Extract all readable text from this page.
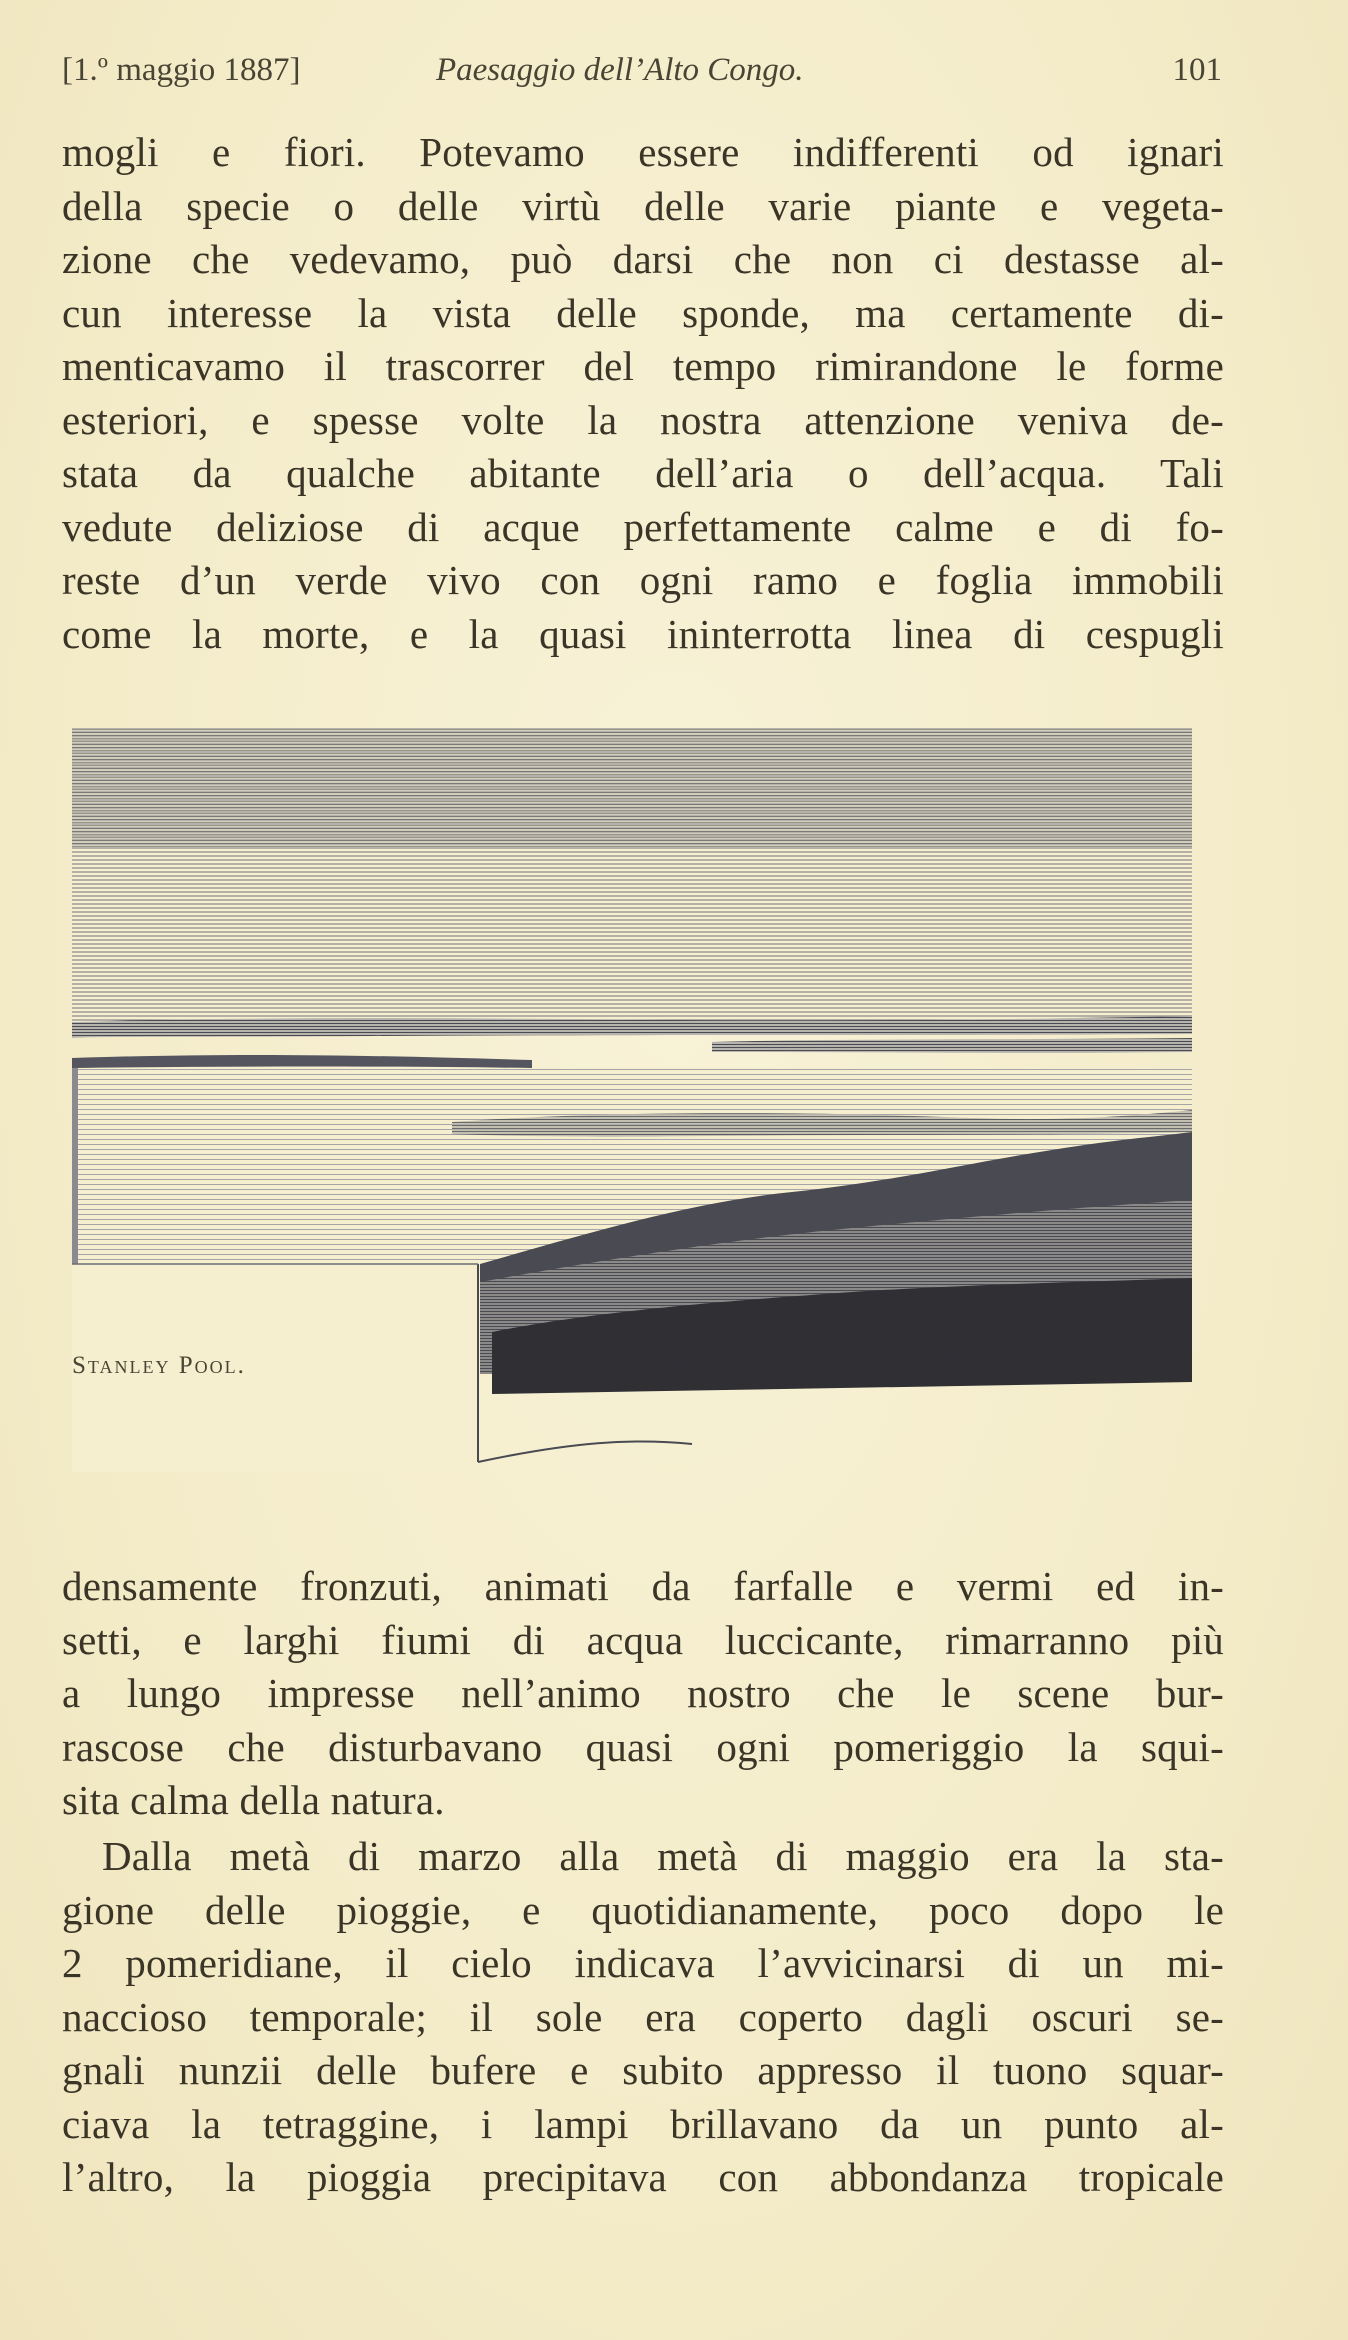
[1.º maggio 1887]	Paesaggio dell’Alto Congo.	101
mogli e fiori. Potevamo essere indifferenti od ignari
della specie o delle virtù delle varie piante e vegeta-
zione che vedevamo, può darsi che non ci destasse al-
cun interesse la vista delle sponde, ma certamente di-
menticavamo il trascorrer del tempo rimirandone le forme
esteriori, e spesse volte la nostra attenzione veniva de-
stata da qualche abitante dell’aria o dell’acqua. Tali
vedute deliziose di acque perfettamente calme e di fo-
reste d’un verde vivo con ogni ramo e foglia immobili
come la morte, e la quasi ininterrotta linea di cespugli
AA
Stanley Pool.
densamente fronzuti, animati da farfalle e vermi ed in-
setti, e larghi fiumi di acqua luccicante, rimarranno più
a lungo impresse nell’animo nostro che le scene bur-
rascose che disturbavano quasi ogni pomeriggio la squi-
sita calma della natura.
Dalla metà di marzo alla metà di maggio era la sta-
gione delle pioggie, e quotidianamente, poco dopo le
2 pomeridiane, il cielo indicava l’avvicinarsi di un mi-
naccioso temporale; il sole era coperto dagli oscuri se-
gnali nunzii delle bufere e subito appresso il tuono squar-
ciava la tetraggine, i lampi brillavano da un punto al-
l’altro, la pioggia precipitava con abbondanza tropicale
